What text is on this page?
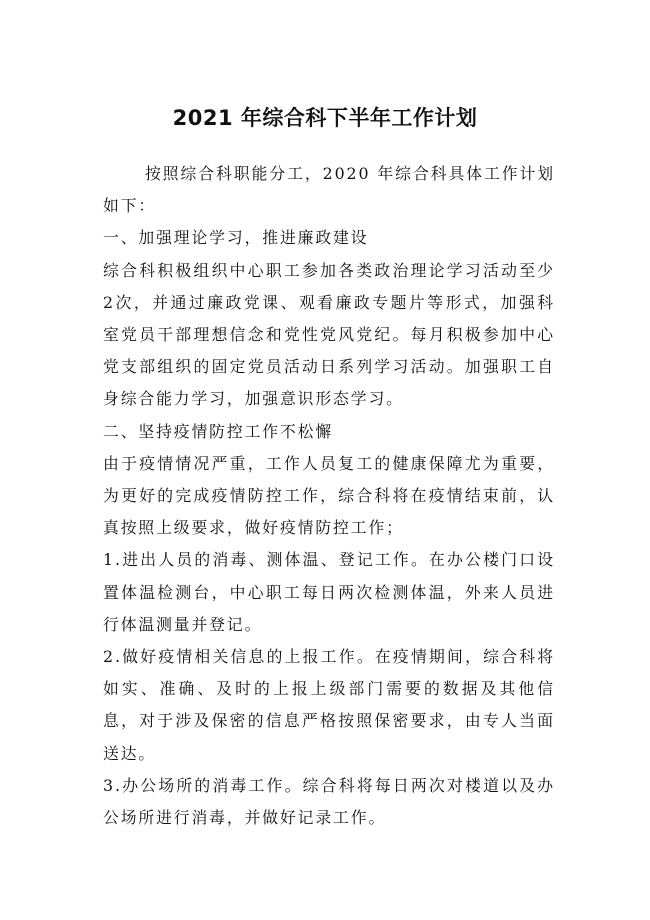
2021 年综合科下半年工作计划

按照综合科职能分工，2020 年综合科具体工作计划如下：

一、加强理论学习，推进廉政建设

综合科积极组织中心职工参加各类政治理论学习活动至少2次，并通过廉政党课、观看廉政专题片等形式，加强科室党员干部理想信念和党性党风党纪。每月积极参加中心党支部组织的固定党员活动日系列学习活动。加强职工自身综合能力学习，加强意识形态学习。

二、坚持疫情防控工作不松懈

由于疫情情况严重，工作人员复工的健康保障尤为重要，为更好的完成疫情防控工作，综合科将在疫情结束前，认真按照上级要求，做好疫情防控工作；

1.进出人员的消毒、测体温、登记工作。在办公楼门口设置体温检测台，中心职工每日两次检测体温，外来人员进行体温测量并登记。

2.做好疫情相关信息的上报工作。在疫情期间，综合科将如实、准确、及时的上报上级部门需要的数据及其他信息，对于涉及保密的信息严格按照保密要求，由专人当面送达。

3.办公场所的消毒工作。综合科将每日两次对楼道以及办公场所进行消毒，并做好记录工作。
